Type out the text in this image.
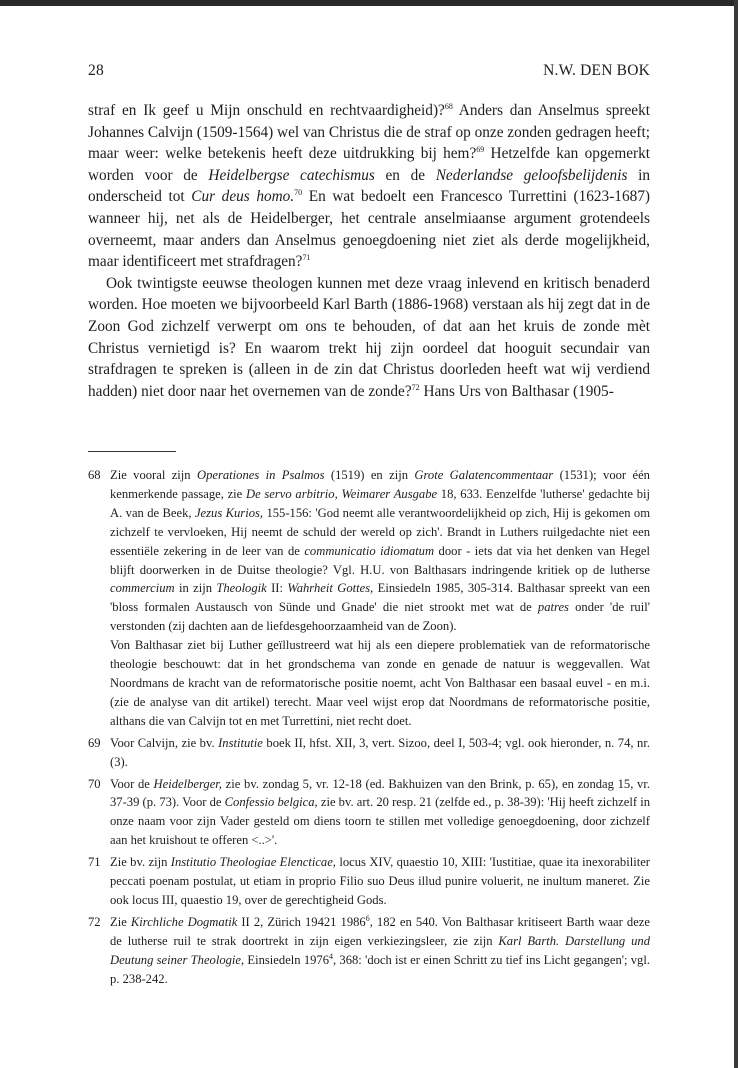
28	N.W. DEN BOK

straf en Ik geef u Mijn onschuld en rechtvaardigheid)?$^{68}$ Anders dan Anselmus spreekt Johannes Calvijn (1509-1564) wel van Christus die de straf op onze zonden gedragen heeft; maar weer: welke betekenis heeft deze uitdrukking bij hem?$^{69}$ Hetzelfde kan opgemerkt worden voor de Heidelbergse catechismus en de Nederlandse geloofsbelijdenis in onderscheid tot Cur deus homo.$^{70}$ En wat bedoelt een Francesco Turrettini (1623-1687) wanneer hij, net als de Heidelberger, het centrale anselmiaanse argument grotendeels overneemt, maar anders dan Anselmus genoegdoening niet ziet als derde mogelijkheid, maar identificeert met strafdragen?$^{71}$

Ook twintigste eeuwse theologen kunnen met deze vraag inlevend en kritisch benaderd worden. Hoe moeten we bijvoorbeeld Karl Barth (1886-1968) verstaan als hij zegt dat in de Zoon God zichzelf verwerpt om ons te behouden, of dat aan het kruis de zonde mèt Christus vernietigd is? En waarom trekt hij zijn oordeel dat hooguit secundair van strafdragen te spreken is (alleen in de zin dat Christus doorleden heeft wat wij verdiend hadden) niet door naar het overnemen van de zonde?$^{72}$ Hans Urs von Balthasar (1905-

68 Zie vooral zijn Operationes in Psalmos (1519) en zijn Grote Galatencommentaar (1531); voor één kenmerkende passage, zie De servo arbitrio, Weimarer Ausgabe 18, 633. Eenzelfde 'lutherse' gedachte bij A. van de Beek, Jezus Kurios, 155-156: 'God neemt alle verantwoordelijkheid op zich, Hij is gekomen om zichzelf te vervloeken, Hij neemt de schuld der wereld op zich'. Brandt in Luthers ruilgedachte niet een essentiële zekering in de leer van de communicatio idiomatum door - iets dat via het denken van Hegel blijft doorwerken in de Duitse theologie? Vgl. H.U. von Balthasars indringende kritiek op de lutherse commercium in zijn Theologik II: Wahrheit Gottes, Einsiedeln 1985, 305-314. Balthasar spreekt van een 'bloss formalen Austausch von Sünde und Gnade' die niet strookt met wat de patres onder 'de ruil' verstonden (zij dachten aan de liefdesgehoorzaamheid van de Zoon).

Von Balthasar ziet bij Luther geïllustreerd wat hij als een diepere problematiek van de reformatorische theologie beschouwt: dat in het grondschema van zonde en genade de natuur is weggevallen. Wat Noordmans de kracht van de reformatorische positie noemt, acht Von Balthasar een basaal euvel - en m.i. (zie de analyse van dit artikel) terecht. Maar veel wijst erop dat Noordmans de reformatorische positie, althans die van Calvijn tot en met Turrettini, niet recht doet.

69 Voor Calvijn, zie bv. Institutie boek II, hfst. XII, 3, vert. Sizoo, deel I, 503-4; vgl. ook hieronder, n. 74, nr. (3).

70 Voor de Heidelberger, zie bv. zondag 5, vr. 12-18 (ed. Bakhuizen van den Brink, p. 65), en zondag 15, vr. 37-39 (p. 73). Voor de Confessio belgica, zie bv. art. 20 resp. 21 (zelfde ed., p. 38-39): 'Hij heeft zichzelf in onze naam voor zijn Vader gesteld om diens toorn te stillen met volledige genoegdoening, door zichzelf aan het kruishout te offeren <..>'.

71 Zie bv. zijn Institutio Theologiae Elencticae, locus XIV, quaestio 10, XIII: 'Iustitiae, quae ita inexorabiliter peccati poenam postulat, ut etiam in proprio Filio suo Deus illud punire voluerit, ne inultum maneret. Zie ook locus III, quaestio 19, over de gerechtigheid Gods.

72 Zie Kirchliche Dogmatik II 2, Zürich 19421 1986$^6$, 182 en 540. Von Balthasar kritiseert Barth waar deze de lutherse ruil te strak doortrekt in zijn eigen verkiezingsleer, zie zijn Karl Barth. Darstellung und Deutung seiner Theologie, Einsiedeln 1976$^4$, 368: 'doch ist er einen Schritt zu tief ins Licht gegangen'; vgl. p. 238-242.
